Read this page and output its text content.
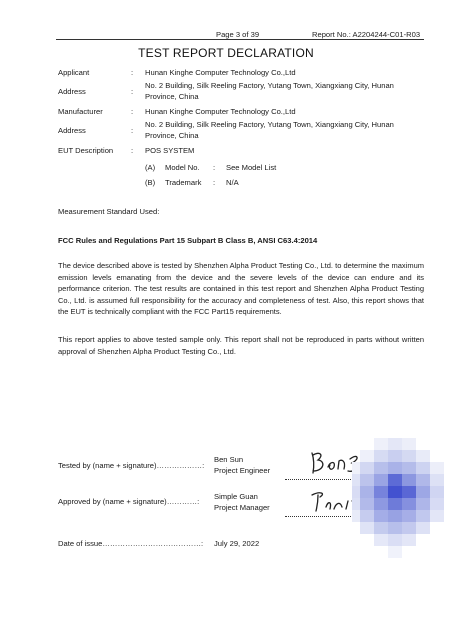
Page 3 of 39	Report No.: A2204244-C01-R03
TEST REPORT DECLARATION
Applicant	: Hunan Kinghe Computer Technology Co.,Ltd
Address	:
No. 2 Building, Silk Reeling Factory, Yutang Town, Xiangxiang City, Hunan Province, China
Manufacturer	: Hunan Kinghe Computer Technology Co.,Ltd
Address	:
No. 2 Building, Silk Reeling Factory, Yutang Town, Xiangxiang City, Hunan Province, China
EUT Description : POS SYSTEM
(A) Model No. : See Model List
(B) Trademark : N/A
Measurement Standard Used:
FCC Rules and Regulations Part 15 Subpart B Class B, ANSI C63.4:2014
The device described above is tested by Shenzhen Alpha Product Testing Co., Ltd. to determine the maximum emission levels emanating from the device and the severe levels of the device can endure and its performance criterion. The test results are contained in this test report and Shenzhen Alpha Product Testing Co., Ltd. is assumed full responsibility for the accuracy and completeness of test. Also, this report shows that the EUT is technically compliant with the FCC Part15 requirements.
This report applies to above tested sample only. This report shall not be reproduced in parts without written approval of Shenzhen Alpha Product Testing Co., Ltd.
Tested by (name + signature)………………:
Ben Sun
Project Engineer
Approved by (name + signature)…………:
Simple Guan
Project Manager
Date of issue…………………………………: July 29, 2022
